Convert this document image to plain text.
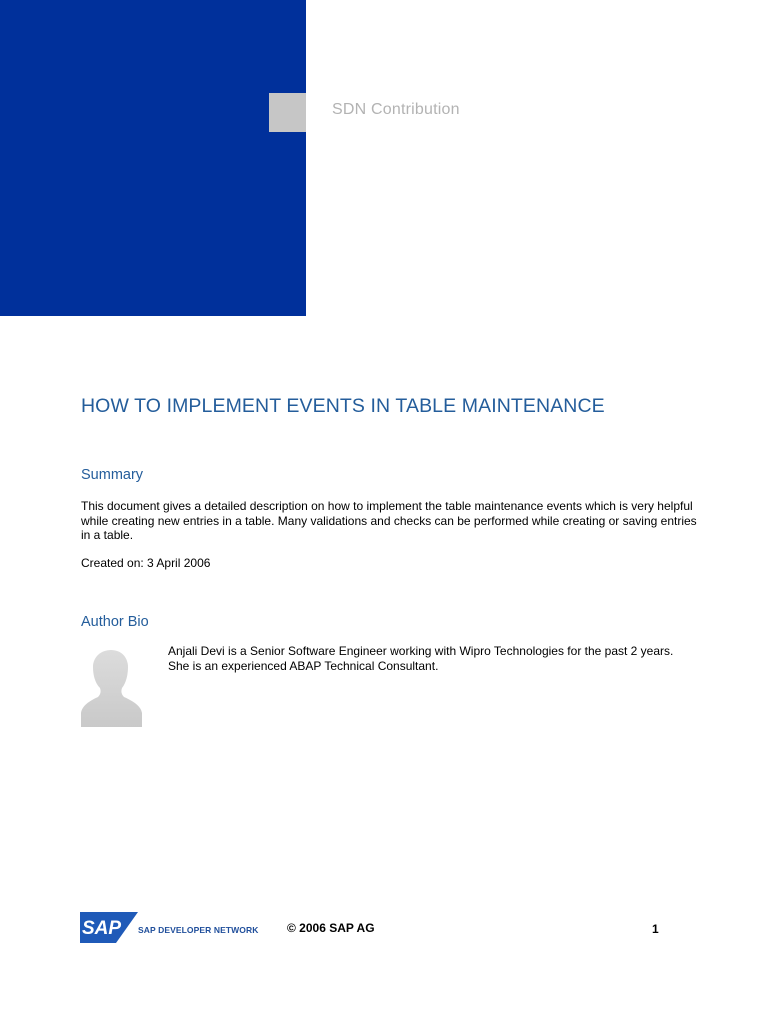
SDN Contribution
HOW TO IMPLEMENT EVENTS IN TABLE MAINTENANCE
Summary
This document gives a detailed description on how to implement the table maintenance events which is very helpful while creating new entries in a table. Many validations and checks can be performed while creating or saving entries in a table.
Created on: 3 April 2006
Author Bio
Anjali Devi is a Senior Software Engineer working with Wipro Technologies for the past 2 years. She is an experienced ABAP Technical Consultant.
SAP SAP DEVELOPER NETWORK © 2006 SAP AG	1
